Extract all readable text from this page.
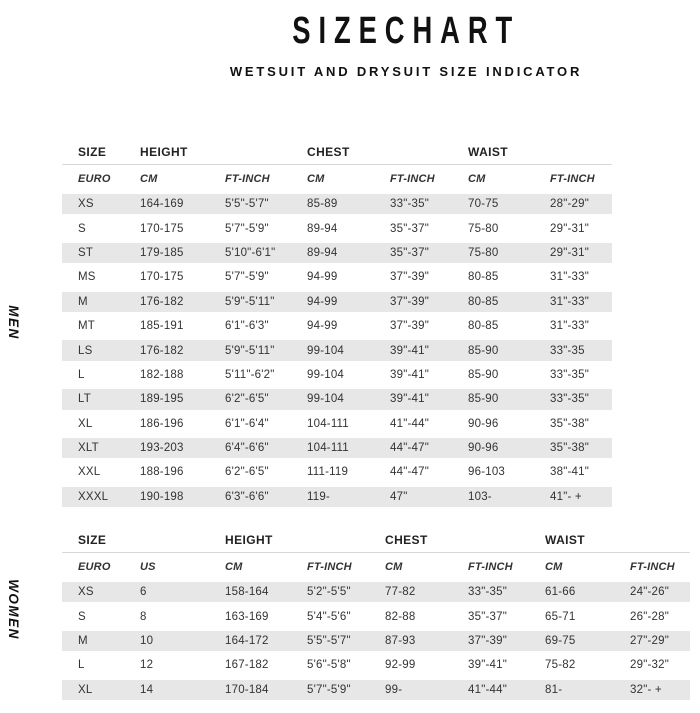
SIZECHART
WETSUIT AND DRYSUIT SIZE INDICATOR
MEN
SIZE	HEIGHT	CHEST	WAIST
EURO	CM	FT-INCH	CM	FT-INCH	CM	FT-INCH
XS	164-169	5'5"-5'7"	85-89	33"-35"	70-75	28"-29"
S	170-175	5'7"-5'9"	89-94	35"-37"	75-80	29"-31"
ST	179-185	5'10"-6'1"	89-94	35"-37"	75-80	29"-31"
MS	170-175	5'7"-5'9"	94-99	37"-39"	80-85	31"-33"
M	176-182	5'9"-5'11"	94-99	37"-39"	80-85	31"-33"
MT	185-191	6'1"-6'3"	94-99	37"-39"	80-85	31"-33"
LS	176-182	5'9"-5'11"	99-104	39"-41"	85-90	33"-35
L	182-188	5'11"-6'2"	99-104	39"-41"	85-90	33"-35"
LT	189-195	6'2"-6'5"	99-104	39"-41"	85-90	33"-35"
XL	186-196	6'1"-6'4"	104-111	41"-44"	90-96	35"-38"
XLT	193-203	6'4"-6'6"	104-111	44"-47"	90-96	35"-38"
XXL	188-196	6'2"-6'5"	111-119	44"-47"	96-103	38"-41"
XXXL	190-198	6'3"-6'6"	119-	47"	103-	41"- +
WOMEN
SIZE	HEIGHT	CHEST	WAIST
EURO	US	CM	FT-INCH	CM	FT-INCH	CM	FT-INCH
XS	6	158-164	5'2"-5'5"	77-82	33"-35"	61-66	24"-26"
S	8	163-169	5'4"-5'6"	82-88	35"-37"	65-71	26"-28"
M	10	164-172	5'5"-5'7"	87-93	37"-39"	69-75	27"-29"
L	12	167-182	5'6"-5'8"	92-99	39"-41"	75-82	29"-32"
XL	14	170-184	5'7"-5'9"	99-	41"-44"	81-	32"- +
